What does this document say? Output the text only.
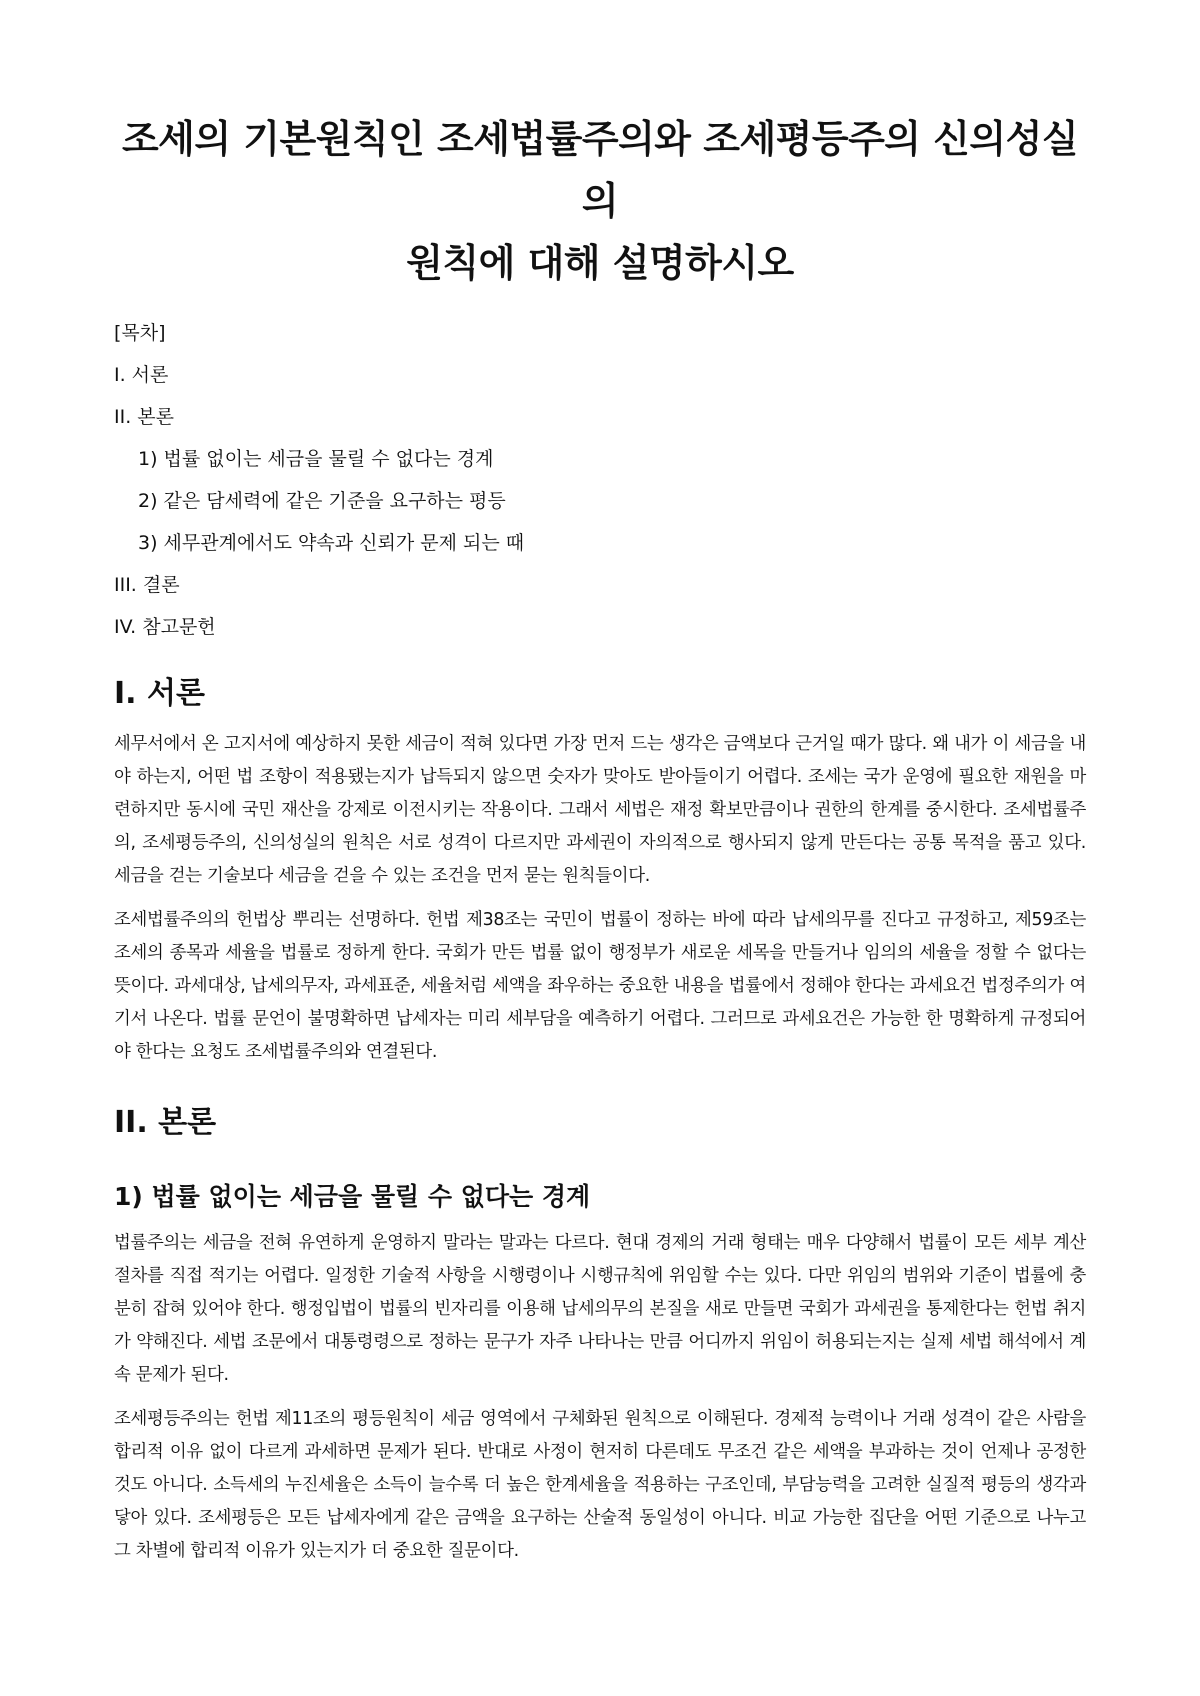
조세의 기본원칙인 조세법률주의와 조세평등주의 신의성실의
원칙에 대해 설명하시오
[목차]
I. 서론
II. 본론
1) 법률 없이는 세금을 물릴 수 없다는 경계
2) 같은 담세력에 같은 기준을 요구하는 평등
3) 세무관계에서도 약속과 신뢰가 문제 되는 때
III. 결론
IV. 참고문헌
I. 서론

세무서에서 온 고지서에 예상하지 못한 세금이 적혀 있다면 가장 먼저 드는 생각은 금액보다 근거일 때가 많다. 왜 내가 이 세금을 내야 하는지, 어떤 법 조항이 적용됐는지가 납득되지 않으면 숫자가 맞아도 받아들이기 어렵다. 조세는 국가 운영에 필요한 재원을 마련하지만 동시에 국민 재산을 강제로 이전시키는 작용이다. 그래서 세법은 재정 확보만큼이나 권한의 한계를 중시한다. 조세법률주의, 조세평등주의, 신의성실의 원칙은 서로 성격이 다르지만 과세권이 자의적으로 행사되지 않게 만든다는 공통 목적을 품고 있다. 세금을 걷는 기술보다 세금을 걷을 수 있는 조건을 먼저 묻는 원칙들이다.

조세법률주의의 헌법상 뿌리는 선명하다. 헌법 제38조는 국민이 법률이 정하는 바에 따라 납세의무를 진다고 규정하고, 제59조는 조세의 종목과 세율을 법률로 정하게 한다. 국회가 만든 법률 없이 행정부가 새로운 세목을 만들거나 임의의 세율을 정할 수 없다는 뜻이다. 과세대상, 납세의무자, 과세표준, 세율처럼 세액을 좌우하는 중요한 내용을 법률에서 정해야 한다는 과세요건 법정주의가 여기서 나온다. 법률 문언이 불명확하면 납세자는 미리 세부담을 예측하기 어렵다. 그러므로 과세요건은 가능한 한 명확하게 규정되어야 한다는 요청도 조세법률주의와 연결된다.

II. 본론
1) 법률 없이는 세금을 물릴 수 없다는 경계

법률주의는 세금을 전혀 유연하게 운영하지 말라는 말과는 다르다. 현대 경제의 거래 형태는 매우 다양해서 법률이 모든 세부 계산 절차를 직접 적기는 어렵다. 일정한 기술적 사항을 시행령이나 시행규칙에 위임할 수는 있다. 다만 위임의 범위와 기준이 법률에 충분히 잡혀 있어야 한다. 행정입법이 법률의 빈자리를 이용해 납세의무의 본질을 새로 만들면 국회가 과세권을 통제한다는 헌법 취지가 약해진다. 세법 조문에서 대통령령으로 정하는 문구가 자주 나타나는 만큼 어디까지 위임이 허용되는지는 실제 세법 해석에서 계속 문제가 된다.

조세평등주의는 헌법 제11조의 평등원칙이 세금 영역에서 구체화된 원칙으로 이해된다. 경제적 능력이나 거래 성격이 같은 사람을 합리적 이유 없이 다르게 과세하면 문제가 된다. 반대로 사정이 현저히 다른데도 무조건 같은 세액을 부과하는 것이 언제나 공정한 것도 아니다. 소득세의 누진세율은 소득이 늘수록 더 높은 한계세율을 적용하는 구조인데, 부담능력을 고려한 실질적 평등의 생각과 닿아 있다. 조세평등은 모든 납세자에게 같은 금액을 요구하는 산술적 동일성이 아니다. 비교 가능한 집단을 어떤 기준으로 나누고 그 차별에 합리적 이유가 있는지가 더 중요한 질문이다.
